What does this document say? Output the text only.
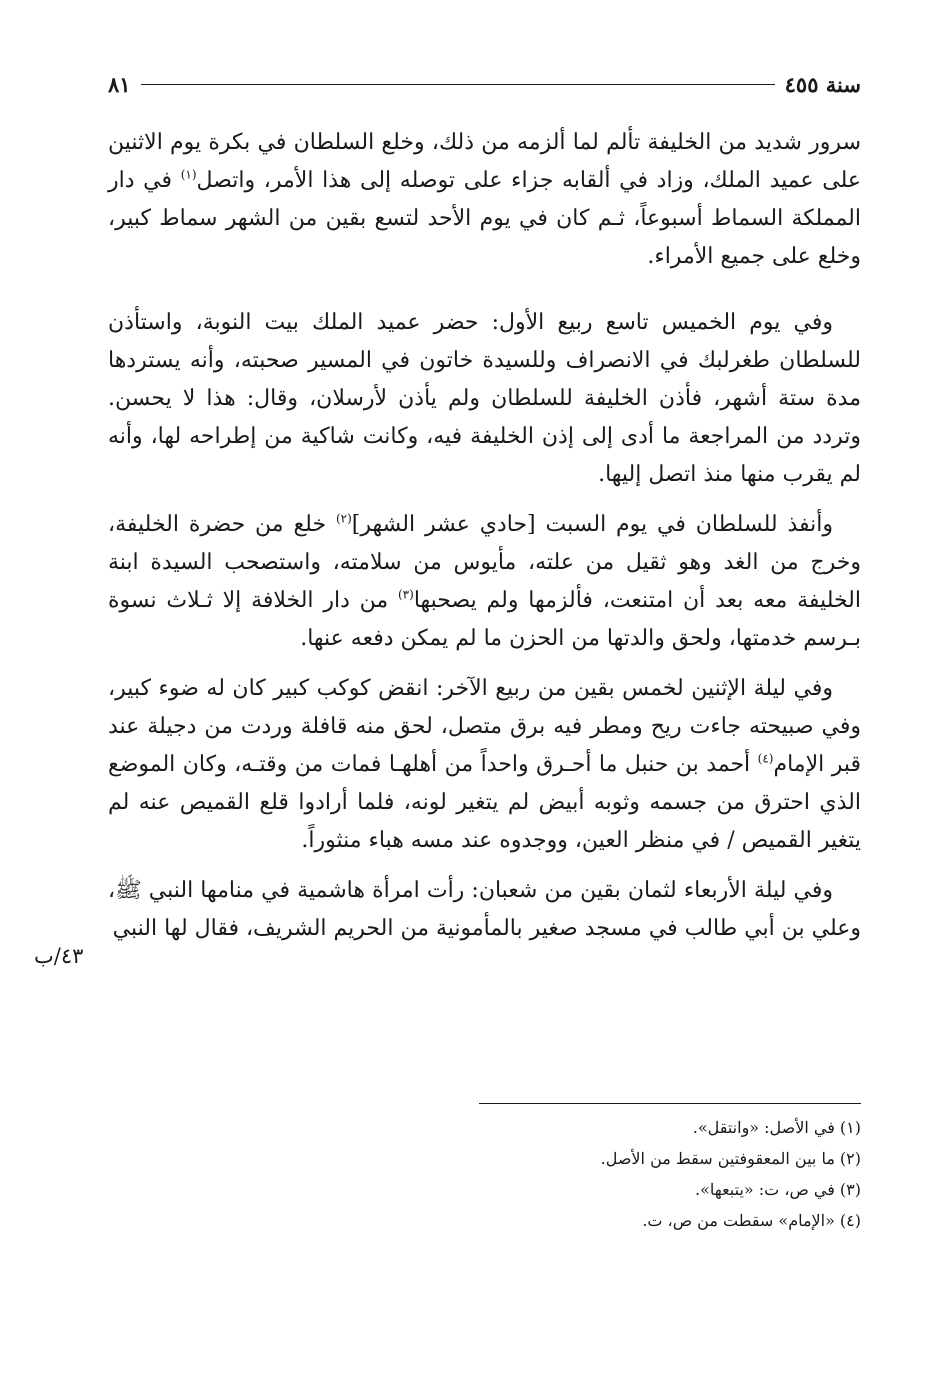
سنة ٤٥٥
٨١

سرور شديد من الخليفة تألم لما ألزمه من ذلك، وخلع السلطان في بكرة يوم الاثنين على عميد الملك، وزاد في ألقابه جزاء على توصله إلى هذا الأمر، واتصل$^{(١)}$ في دار المملكة السماط أسبوعاً، ثـم كان في يوم الأحد لتسع بقين من الشهر سماط كبير، وخلع على جميع الأمراء.

وفي يوم الخميس تاسع ربيع الأول: حضر عميد الملك بيت النوبة، واستأذن للسلطان طغرلبك في الانصراف وللسيدة خاتون في المسير صحبته، وأنه يستردها مدة ستة أشهر، فأذن الخليفة للسلطان ولم يأذن لأرسلان، وقال: هذا لا يحسن. وتردد من المراجعة ما أدى إلى إذن الخليفة فيه، وكانت شاكية من إطراحه لها، وأنه لم يقرب منها منذ اتصل إليها.

وأنفذ للسلطان في يوم السبت [حادي عشر الشهر]$^{(٢)}$ خلع من حضرة الخليفة، وخرج من الغد وهو ثقيل من علته، مأيوس من سلامته، واستصحب السيدة ابنة الخليفة معه بعد أن امتنعت، فألزمها ولم يصحبها$^{(٣)}$ من دار الخلافة إلا ثـلاث نسوة بـرسم خدمتها، ولحق والدتها من الحزن ما لم يمكن دفعه عنها.

وفي ليلة الإثنين لخمس بقين من ربيع الآخر: انقض كوكب كبير كان له ضوء كبير، وفي صبيحته جاءت ريح ومطر فيه برق متصل، لحق منه قافلة وردت من دجيلة عند قبر الإمام$^{(٤)}$ أحمد بن حنبل ما أحـرق واحداً من أهلهـا فمات من وقتـه، وكان الموضع الذي احترق من جسمه وثوبه أبيض لم يتغير لونه، فلما أرادوا قلع القميص عنه لم يتغير القميص / في منظر العين، ووجدوه عند مسه هباء منثوراً.

وفي ليلة الأربعاء لثمان بقين من شعبان: رأت امرأة هاشمية في منامها النبي ﷺ، وعلي بن أبي طالب في مسجد صغير بالمأمونية من الحريم الشريف، فقال لها النبي

٤٣/ب

(١)في الأصل: «وانتقل».

(٢)ما بين المعقوفتين سقط من الأصل.

(٣)في ص، ت: «يتبعها».

(٤)«الإمام» سقطت من ص، ت.
